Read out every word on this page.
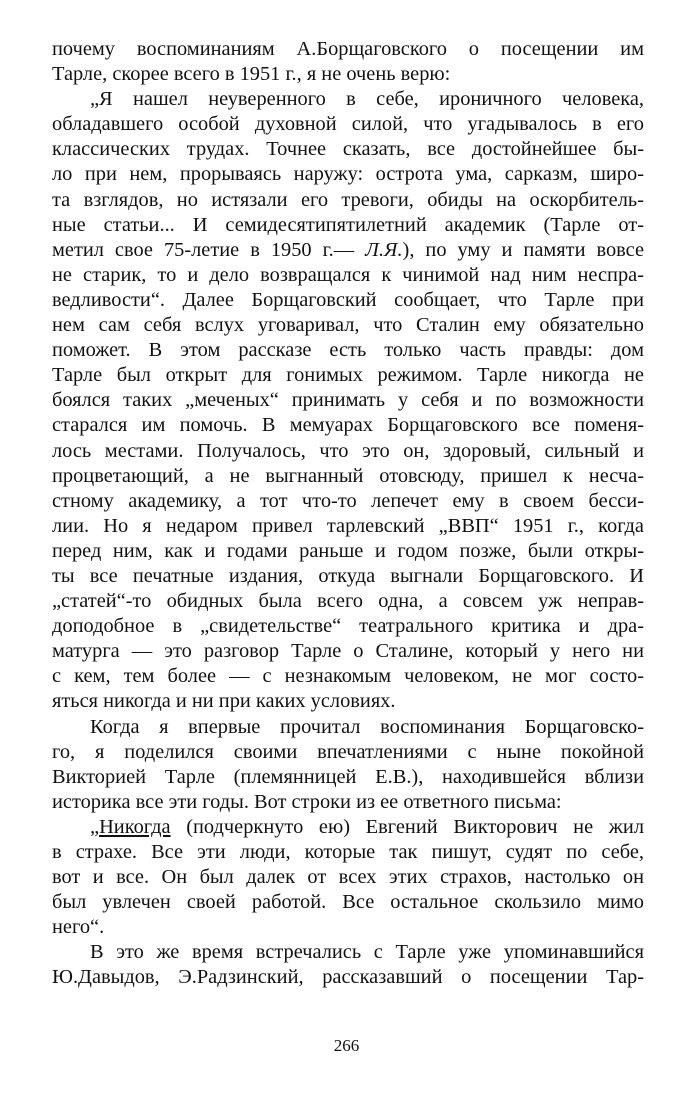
почему воспоминаниям А.Борщаговского о посещении им
Тарле, скорее всего в 1951 г., я не очень верю:
„Я нашел неуверенного в себе, ироничного человека,
обладавшего особой духовной силой, что угадывалось в его
классических трудах. Точнее сказать, все достойнейшее бы-
ло при нем, прорываясь наружу: острота ума, сарказм, широ-
та взглядов, но истязали его тревоги, обиды на оскорбитель-
ные статьи... И семидесятипятилетний академик (Тарле от-
метил свое 75-летие в 1950 г.— Л.Я.), по уму и памяти вовсе
не старик, то и дело возвращался к чинимой над ним неспра-
ведливости“. Далее Борщаговский сообщает, что Тарле при
нем сам себя вслух уговаривал, что Сталин ему обязательно
поможет. В этом рассказе есть только часть правды: дом
Тарле был открыт для гонимых режимом. Тарле никогда не
боялся таких „меченых“ принимать у себя и по возможности
старался им помочь. В мемуарах Борщаговского все поменя-
лось местами. Получалось, что это он, здоровый, сильный и
процветающий, а не выгнанный отовсюду, пришел к несча-
стному академику, а тот что-то лепечет ему в своем бесси-
лии. Но я недаром привел тарлевский „ВВП“ 1951 г., когда
перед ним, как и годами раньше и годом позже, были откры-
ты все печатные издания, откуда выгнали Борщаговского. И
„статей“-то обидных была всего одна, а совсем уж неправ-
доподобное в „свидетельстве“ театрального критика и дра-
матурга — это разговор Тарле о Сталине, который у него ни
с кем, тем более — с незнакомым человеком, не мог состо-
яться никогда и ни при каких условиях.
Когда я впервые прочитал воспоминания Борщаговско-
го, я поделился своими впечатлениями с ныне покойной
Викторией Тарле (племянницей Е.В.), находившейся вблизи
историка все эти годы. Вот строки из ее ответного письма:
„Никогда (подчеркнуто ею) Евгений Викторович не жил
в страхе. Все эти люди, которые так пишут, судят по себе,
вот и все. Он был далек от всех этих страхов, настолько он
был увлечен своей работой. Все остальное скользило мимо
него“.
В это же время встречались с Тарле уже упоминавшийся
Ю.Давыдов, Э.Радзинский, рассказавший о посещении Тар-
266
